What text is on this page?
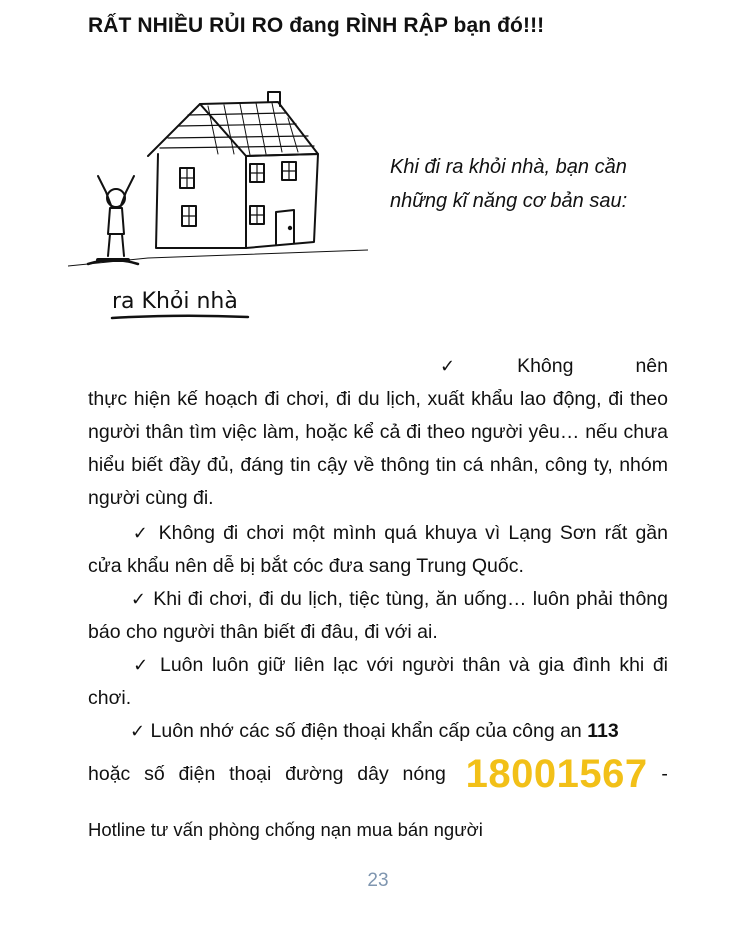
RẤT NHIỀU RỦI RO đang RÌNH RẬP bạn đó!!!
ra Khỏi nhà
Khi đi ra khỏi nhà, bạn cần
những kĩ năng cơ bản sau:
✓	Không	nên

thực hiện kế hoạch đi chơi, đi du lịch, xuất khẩu lao động, đi theo người thân tìm việc làm, hoặc kể cả đi theo người yêu… nếu chưa hiểu biết đầy đủ, đáng tin cậy về thông tin cá nhân, công ty, nhóm người cùng đi.

✓ Không đi chơi một mình quá khuya vì Lạng Sơn rất gần cửa khẩu nên dễ bị bắt cóc đưa sang Trung Quốc.

✓ Khi đi chơi, đi du lịch, tiệc tùng, ăn uống… luôn phải thông báo cho người thân biết đi đâu, đi với ai.

✓ Luôn luôn giữ liên lạc với người thân và gia đình khi đi chơi.

✓ Luôn nhớ các số điện thoại khẩn cấp của công an 113

hoặc số điện thoại đường dây nóng 18001567 -
Hotline tư vấn phòng chống nạn mua bán người
23
